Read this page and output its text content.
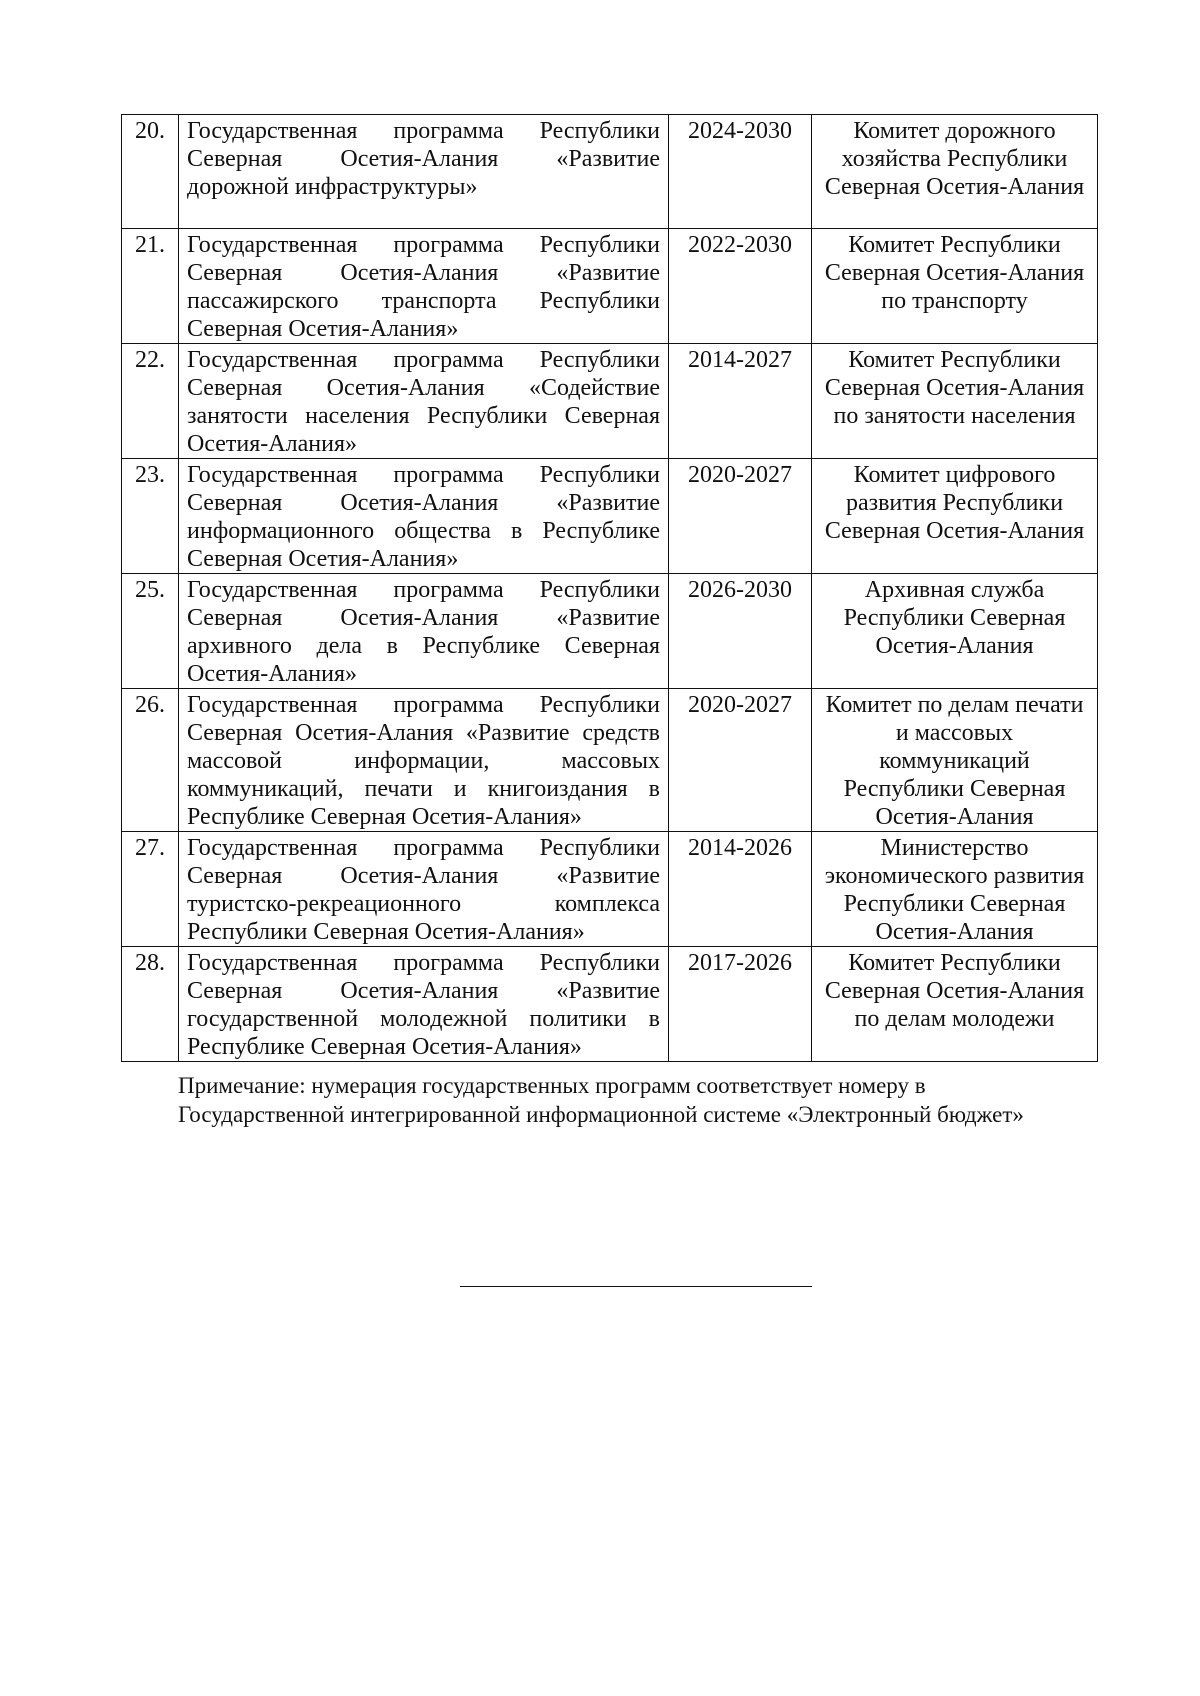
20.	Государственная программа Республики Северная Осетия-Алания «Развитие дорожной инфраструктуры»	2024-2030	Комитет дорожного хозяйства Республики Северная Осетия-Алания
21.	Государственная программа Республики Северная Осетия-Алания «Развитие пассажирского транспорта Республики Северная Осетия-Алания»	2022-2030	Комитет Республики Северная Осетия-Алания по транспорту
22.	Государственная программа Республики Северная Осетия-Алания «Содействие занятости населения Республики Северная Осетия-Алания»	2014-2027	Комитет Республики Северная Осетия-Алания по занятости населения
23.	Государственная программа Республики Северная Осетия-Алания «Развитие информационного общества в Республике Северная Осетия-Алания»	2020-2027	Комитет цифрового развития Республики Северная Осетия-Алания
25.	Государственная программа Республики Северная Осетия-Алания «Развитие архивного дела в Республике Северная Осетия-Алания»	2026-2030	Архивная служба Республики Северная Осетия-Алания
26.	Государственная программа Республики Северная Осетия-Алания «Развитие средств массовой информации, массовых коммуникаций, печати и книгоиздания в Республике Северная Осетия-Алания»	2020-2027	Комитет по делам печати и массовых коммуникаций Республики Северная Осетия-Алания
27.	Государственная программа Республики Северная Осетия-Алания «Развитие туристско-рекреационного комплекса Республики Северная Осетия-Алания»	2014-2026	Министерство экономического развития Республики Северная Осетия-Алания
28.	Государственная программа Республики Северная Осетия-Алания «Развитие государственной молодежной политики в Республике Северная Осетия-Алания»	2017-2026	Комитет Республики Северная Осетия-Алания по делам молодежи

Примечание: нумерация государственных программ соответствует номеру в

Государственной интегрированной информационной системе «Электронный бюджет»
